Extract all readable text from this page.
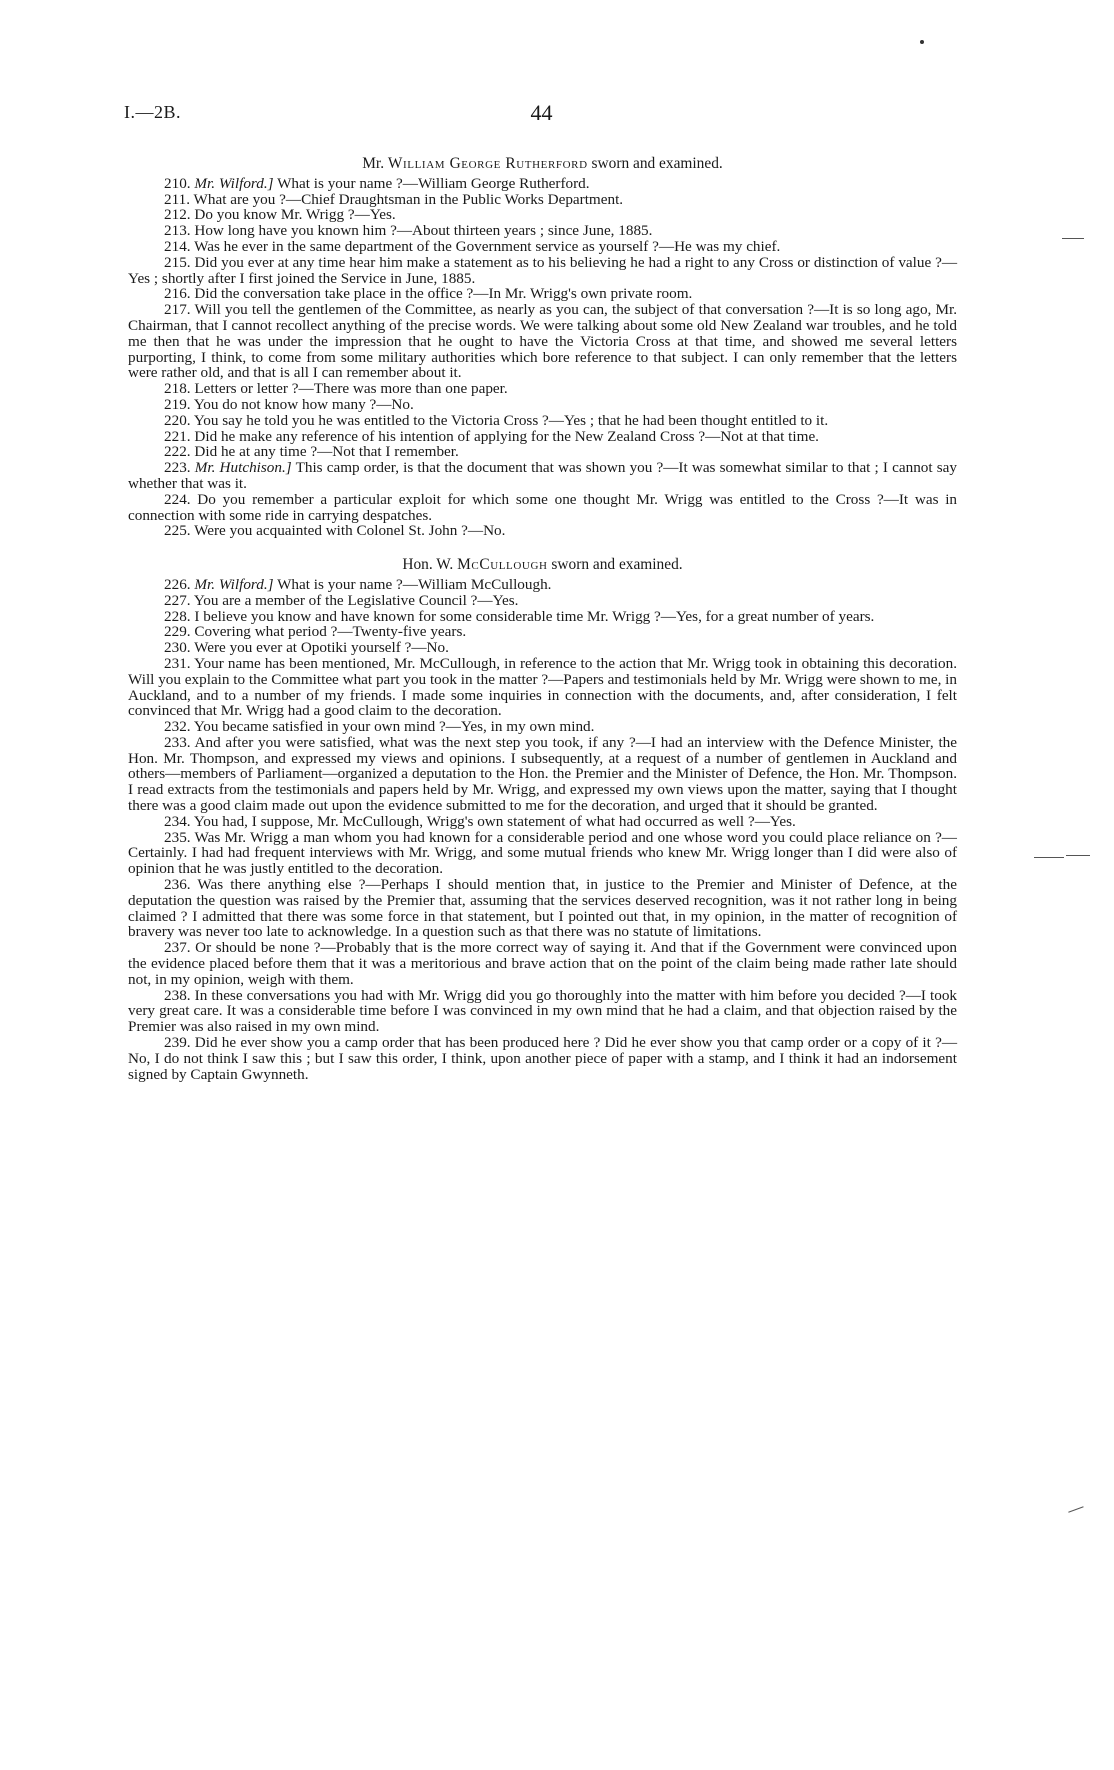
I.—2B.	44
Mr. William George Rutherford sworn and examined.

210. Mr. Wilford.] What is your name ?—William George Rutherford.

211. What are you ?—Chief Draughtsman in the Public Works Department.

212. Do you know Mr. Wrigg ?—Yes.

213. How long have you known him ?—About thirteen years ; since June, 1885.

214. Was he ever in the same department of the Government service as yourself ?—He was my chief.

215. Did you ever at any time hear him make a statement as to his believing he had a right to any Cross or distinction of value ?—Yes ; shortly after I first joined the Service in June, 1885.

216. Did the conversation take place in the office ?—In Mr. Wrigg's own private room.

217. Will you tell the gentlemen of the Committee, as nearly as you can, the subject of that conversation ?—It is so long ago, Mr. Chairman, that I cannot recollect anything of the precise words. We were talking about some old New Zealand war troubles, and he told me then that he was under the impression that he ought to have the Victoria Cross at that time, and showed me several letters purporting, I think, to come from some military authorities which bore reference to that subject. I can only remember that the letters were rather old, and that is all I can remember about it.

218. Letters or letter ?—There was more than one paper.

219. You do not know how many ?—No.

220. You say he told you he was entitled to the Victoria Cross ?—Yes ; that he had been thought entitled to it.

221. Did he make any reference of his intention of applying for the New Zealand Cross ?—Not at that time.

222. Did he at any time ?—Not that I remember.

223. Mr. Hutchison.] This camp order, is that the document that was shown you ?—It was somewhat similar to that ; I cannot say whether that was it.

224. Do you remember a particular exploit for which some one thought Mr. Wrigg was entitled to the Cross ?—It was in connection with some ride in carrying despatches.

225. Were you acquainted with Colonel St. John ?—No.

Hon. W. McCullough sworn and examined.

226. Mr. Wilford.] What is your name ?—William McCullough.

227. You are a member of the Legislative Council ?—Yes.

228. I believe you know and have known for some considerable time Mr. Wrigg ?—Yes, for a great number of years.

229. Covering what period ?—Twenty-five years.

230. Were you ever at Opotiki yourself ?—No.

231. Your name has been mentioned, Mr. McCullough, in reference to the action that Mr. Wrigg took in obtaining this decoration. Will you explain to the Committee what part you took in the matter ?—Papers and testimonials held by Mr. Wrigg were shown to me, in Auckland, and to a number of my friends. I made some inquiries in connection with the documents, and, after consideration, I felt convinced that Mr. Wrigg had a good claim to the decoration.

232. You became satisfied in your own mind ?—Yes, in my own mind.

233. And after you were satisfied, what was the next step you took, if any ?—I had an interview with the Defence Minister, the Hon. Mr. Thompson, and expressed my views and opinions. I subsequently, at a request of a number of gentlemen in Auckland and others—members of Parliament—organized a deputation to the Hon. the Premier and the Minister of Defence, the Hon. Mr. Thompson. I read extracts from the testimonials and papers held by Mr. Wrigg, and expressed my own views upon the matter, saying that I thought there was a good claim made out upon the evidence submitted to me for the decoration, and urged that it should be granted.

234. You had, I suppose, Mr. McCullough, Wrigg's own statement of what had occurred as well ?—Yes.

235. Was Mr. Wrigg a man whom you had known for a considerable period and one whose word you could place reliance on ?—Certainly. I had had frequent interviews with Mr. Wrigg, and some mutual friends who knew Mr. Wrigg longer than I did were also of opinion that he was justly entitled to the decoration.

236. Was there anything else ?—Perhaps I should mention that, in justice to the Premier and Minister of Defence, at the deputation the question was raised by the Premier that, assuming that the services deserved recognition, was it not rather long in being claimed ? I admitted that there was some force in that statement, but I pointed out that, in my opinion, in the matter of recognition of bravery was never too late to acknowledge. In a question such as that there was no statute of limitations.

237. Or should be none ?—Probably that is the more correct way of saying it. And that if the Government were convinced upon the evidence placed before them that it was a meritorious and brave action that on the point of the claim being made rather late should not, in my opinion, weigh with them.

238. In these conversations you had with Mr. Wrigg did you go thoroughly into the matter with him before you decided ?—I took very great care. It was a considerable time before I was convinced in my own mind that he had a claim, and that objection raised by the Premier was also raised in my own mind.

239. Did he ever show you a camp order that has been produced here ? Did he ever show you that camp order or a copy of it ?—No, I do not think I saw this ; but I saw this order, I think, upon another piece of paper with a stamp, and I think it had an indorsement signed by Captain Gwynneth.
